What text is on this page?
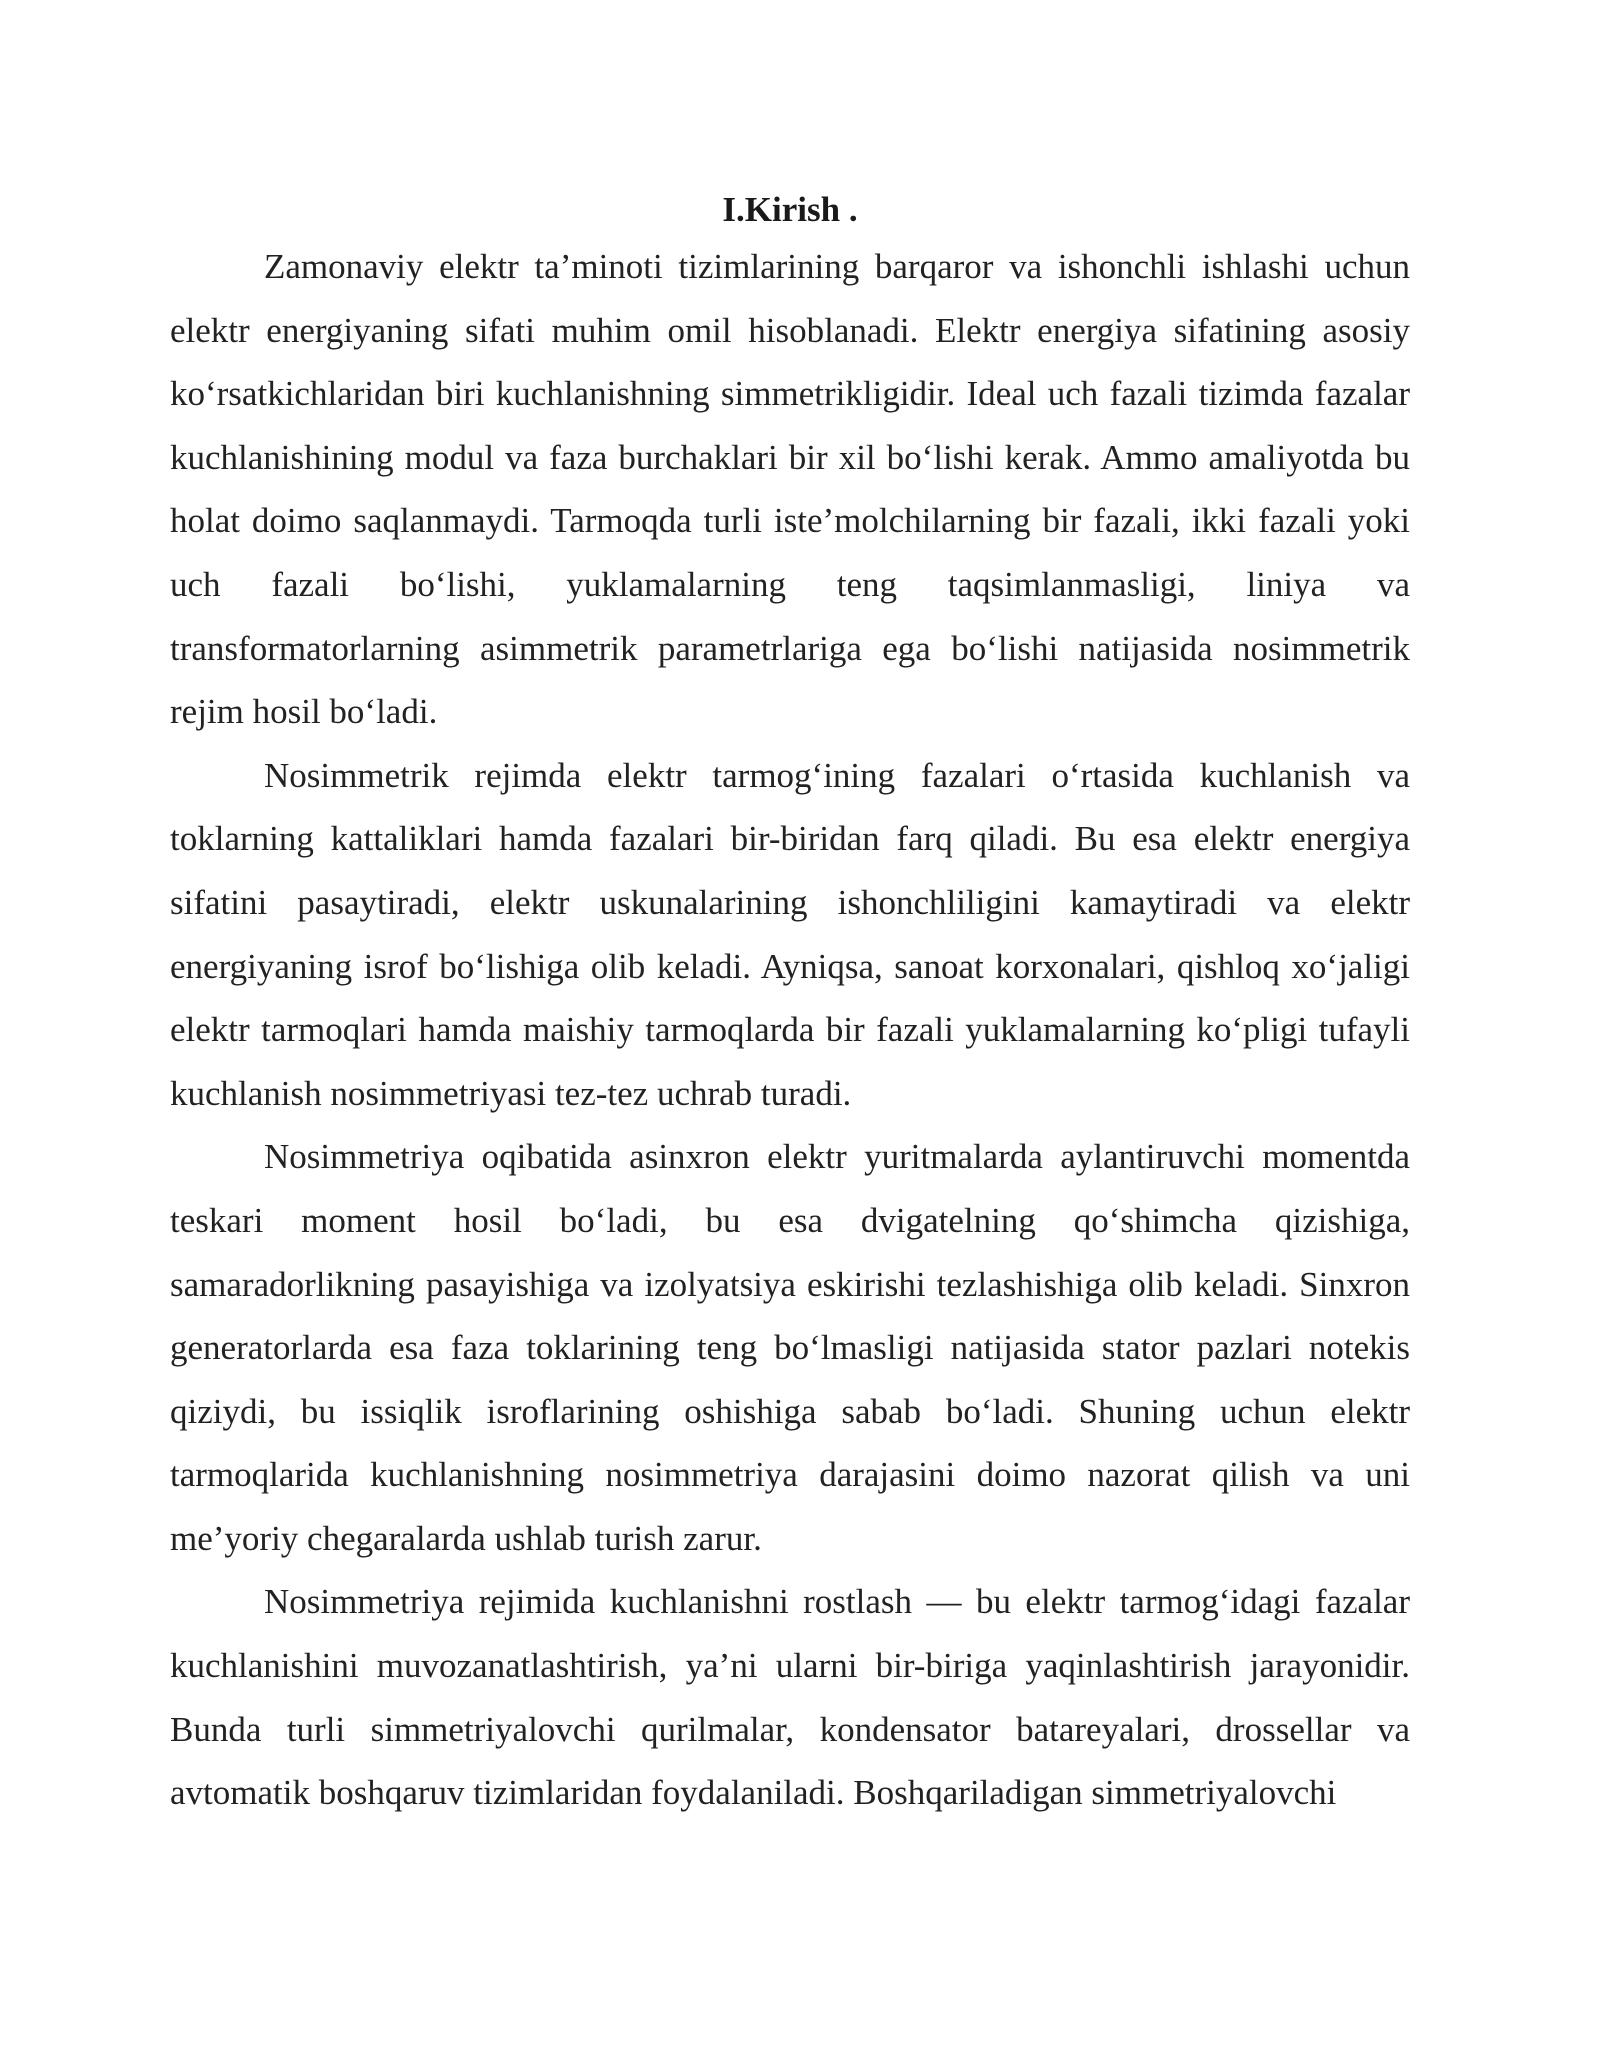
I.Kirish .

Zamonaviy elektr ta’minoti tizimlarining barqaror va ishonchli ishlashi uchun elektr energiyaning sifati muhim omil hisoblanadi. Elektr energiya sifatining asosiy ko‘rsatkichlaridan biri kuchlanishning simmetrikligidir. Ideal uch fazali tizimda fazalar kuchlanishining modul va faza burchaklari bir xil bo‘lishi kerak. Ammo amaliyotda bu holat doimo saqlanmaydi. Tarmoqda turli iste’molchilarning bir fazali, ikki fazali yoki uch fazali bo‘lishi, yuklamalarning teng taqsimlanmasligi, liniya va transformatorlarning asimmetrik parametrlariga ega bo‘lishi natijasida nosimmetrik rejim hosil bo‘ladi.

Nosimmetrik rejimda elektr tarmog‘ining fazalari o‘rtasida kuchlanish va toklarning kattaliklari hamda fazalari bir-biridan farq qiladi. Bu esa elektr energiya sifatini pasaytiradi, elektr uskunalarining ishonchliligini kamaytiradi va elektr energiyaning isrof bo‘lishiga olib keladi. Ayniqsa, sanoat korxonalari, qishloq xo‘jaligi elektr tarmoqlari hamda maishiy tarmoqlarda bir fazali yuklamalarning ko‘pligi tufayli kuchlanish nosimmetriyasi tez-tez uchrab turadi.

Nosimmetriya oqibatida asinxron elektr yuritmalarda aylantiruvchi momentda teskari moment hosil bo‘ladi, bu esa dvigatelning qo‘shimcha qizishiga, samaradorlikning pasayishiga va izolyatsiya eskirishi tezlashishiga olib keladi. Sinxron generatorlarda esa faza toklarining teng bo‘lmasligi natijasida stator pazlari notekis qiziydi, bu issiqlik isroflarining oshishiga sabab bo‘ladi. Shuning uchun elektr tarmoqlarida kuchlanishning nosimmetriya darajasini doimo nazorat qilish va uni me’yoriy chegaralarda ushlab turish zarur.

Nosimmetriya rejimida kuchlanishni rostlash — bu elektr tarmog‘idagi fazalar kuchlanishini muvozanatlashtirish, ya’ni ularni bir-biriga yaqinlashtirish jarayonidir. Bunda turli simmetriyalovchi qurilmalar, kondensator batareyalari, drossellar va avtomatik boshqaruv tizimlaridan foydalaniladi. Boshqariladigan simmetriyalovchi
